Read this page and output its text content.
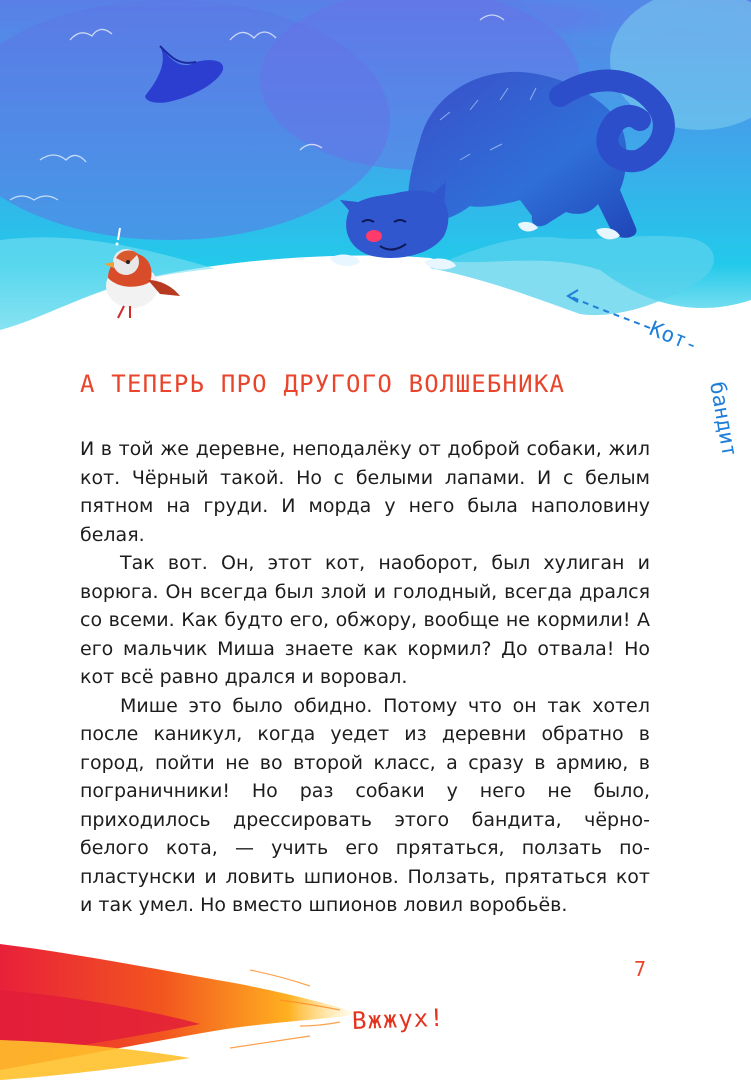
Кот-
бандит
А ТЕПЕРЬ ПРО ДРУГОГО ВОЛШЕБНИКА

И в той же деревне, неподалёку от доброй собаки, жил кот. Чёрный такой. Но с белыми лапами. И с белым пятном на груди. И морда у него была наполовину белая.

Так вот. Он, этот кот, наоборот, был хулиган и ворюга. Он всегда был злой и голодный, всегда дрался со всеми. Как будто его, обжору, вообще не кормили! А его мальчик Миша знаете как кормил? До отвала! Но кот всё равно дрался и воровал.

Мише это было обидно. Потому что он так хотел после каникул, когда уедет из деревни обратно в город, пойти не во второй класс, а сразу в армию, в пограничники! Но раз собаки у него не было, приходилось дрессировать этого бандита, чёрно-белого кота, — учить его прятаться, ползать по-пластунски и ловить шпионов. Ползать, прятаться кот и так умел. Но вместо шпионов ловил воробьёв.

7
Вжжух!
